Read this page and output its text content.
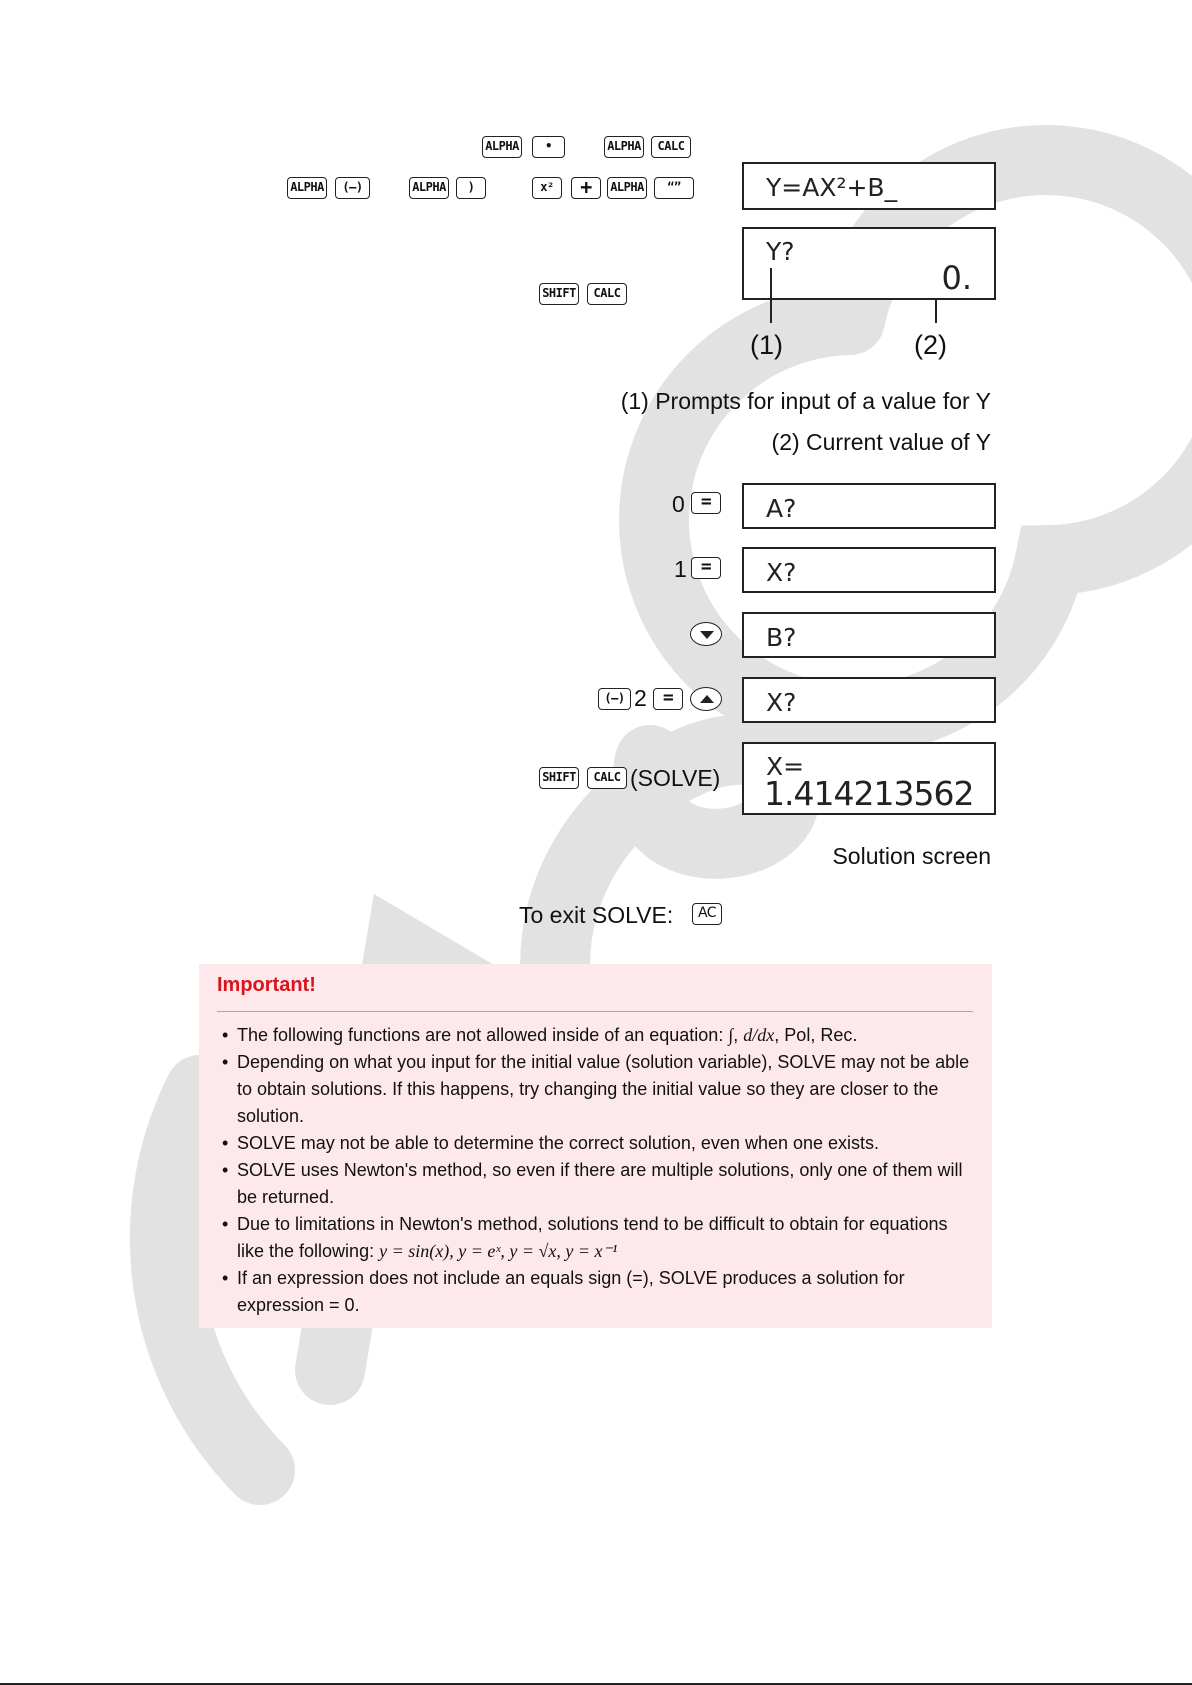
ALPHA	•	ALPHA	CALC
ALPHA	(—)	ALPHA	)	x²	+	ALPHA	“”	Y=AX²+B_
SHIFT	CALC
Y?
0.
(1)	(2)
(1) Prompts for input of a value for Y
(2) Current value of Y
0 =	A?
1 =	X?
B?
(—) 2 =	X?
SHIFT	CALC (SOLVE) X=
1.414213562
Solution screen
To exit SOLVE:	AC
Important!
• The following functions are not allowed inside of an equation: ∫, d/dx, Pol, Rec.
• Depending on what you input for the initial value (solution variable), SOLVE may not be able to obtain solutions. If this happens, try changing the initial value so they are closer to the solution.
• SOLVE may not be able to determine the correct solution, even when one exists.
• SOLVE uses Newton's method, so even if there are multiple solutions, only one of them will be returned.
• Due to limitations in Newton's method, solutions tend to be difficult to obtain for equations like the following: y = sin(x), y = eˣ, y = √x, y = x⁻¹
• If an expression does not include an equals sign (=), SOLVE produces a solution for expression = 0.
